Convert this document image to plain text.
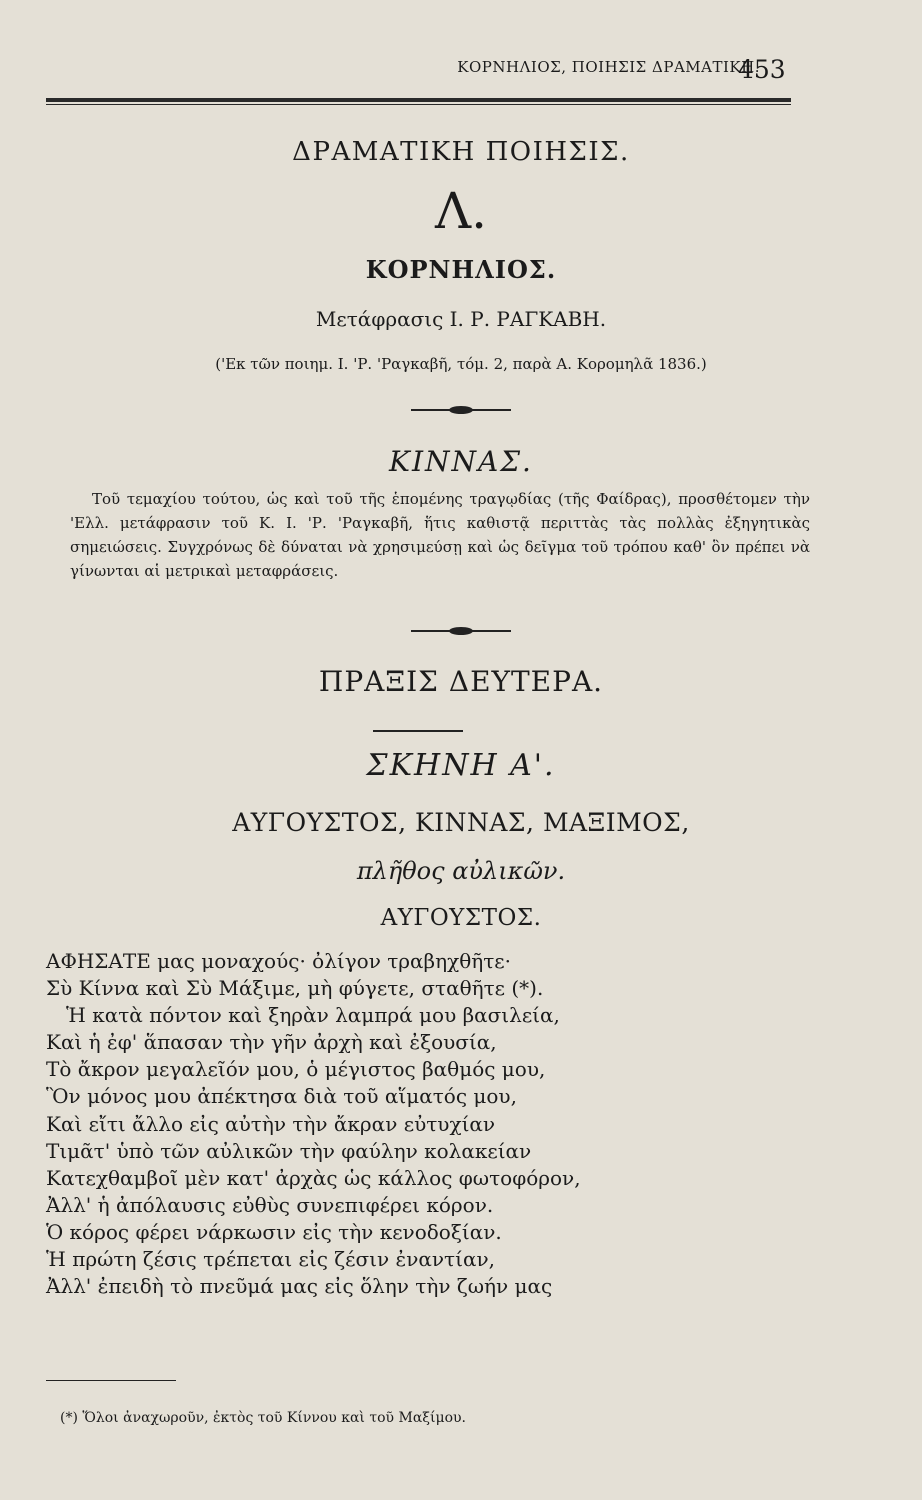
ΚΟΡΝΗΛΙΟΣ, ΠΟΙΗΣΙΣ ΔΡΑΜΑΤΙΚΗ.
453
ΔΡΑΜΑΤΙΚΗ ΠΟΙΗΣΙΣ.
Λ.
ΚΟΡΝΗΛΙΟΣ.
Μετάφρασις Ι. Ρ. ΡΑΓΚΑΒΗ.
('Εκ τῶν ποιημ. Ι. 'Ρ. 'Ραγκαβῆ, τόμ. 2, παρὰ Α. Κορομηλᾶ 1836.)
ΚΙΝΝΑΣ.
Τοῦ τεμαχίου τούτου, ὡς καὶ τοῦ τῆς ἑπομένης τραγῳδίας (τῆς Φαίδρας), προσθέτομεν τὴν 'Ελλ. μετάφρασιν τοῦ Κ. Ι. 'Ρ. 'Ραγκαβῆ, ἥτις καθιστᾷ περιττὰς τὰς πολλὰς ἐξηγητικὰς σημειώσεις. Συγχρόνως δὲ δύναται νὰ χρησιμεύσῃ καὶ ὡς δεῖγμα τοῦ τρόπου καθ' ὃν πρέπει νὰ γίνωνται αἱ μετρικαὶ μεταφράσεις.
ΠΡΑΞΙΣ ΔΕΥΤΕΡΑ.
ΣΚΗΝΗ Α'.
ΑΥΓΟΥΣΤΟΣ, ΚΙΝΝΑΣ, ΜΑΞΙΜΟΣ,
πλῆθος αὐλικῶν.
ΑΥΓΟΥΣΤΟΣ.
ΑΦΗΣΑΤΕ μας μοναχούς· ὀλίγον τραβηχθῆτε·
Σὺ Κίννα καὶ Σὺ Μάξιμε, μὴ φύγετε, σταθῆτε (*).
Ἡ κατὰ πόντον καὶ ξηρὰν λαμπρά μου βασιλεία,
Καὶ ἡ ἐφ' ἅπασαν τὴν γῆν ἀρχὴ καὶ ἐξουσία,
Τὸ ἄκρον μεγαλεῖόν μου, ὁ μέγιστος βαθμός μου,
Ὃν μόνος μου ἀπέκτησα διὰ τοῦ αἵματός μου,
Καὶ εἴτι ἄλλο εἰς αὐτὴν τὴν ἄκραν εὐτυχίαν
Τιμᾶτ' ὑπὸ τῶν αὐλικῶν τὴν φαύλην κολακείαν
Κατεχθαμβοῖ μὲν κατ' ἀρχὰς ὡς κάλλος φωτοφόρον,
Ἀλλ' ἡ ἀπόλαυσις εὐθὺς συνεπιφέρει κόρον.
Ὁ κόρος φέρει νάρκωσιν εἰς τὴν κενοδοξίαν.
Ἡ πρώτη ζέσις τρέπεται εἰς ζέσιν ἐναντίαν,
Ἀλλ' ἐπειδὴ τὸ πνεῦμά μας εἰς ὅλην τὴν ζωήν μας
(*) Ὅλοι ἀναχωροῦν, ἐκτὸς τοῦ Κίννου καὶ τοῦ Μαξίμου.
